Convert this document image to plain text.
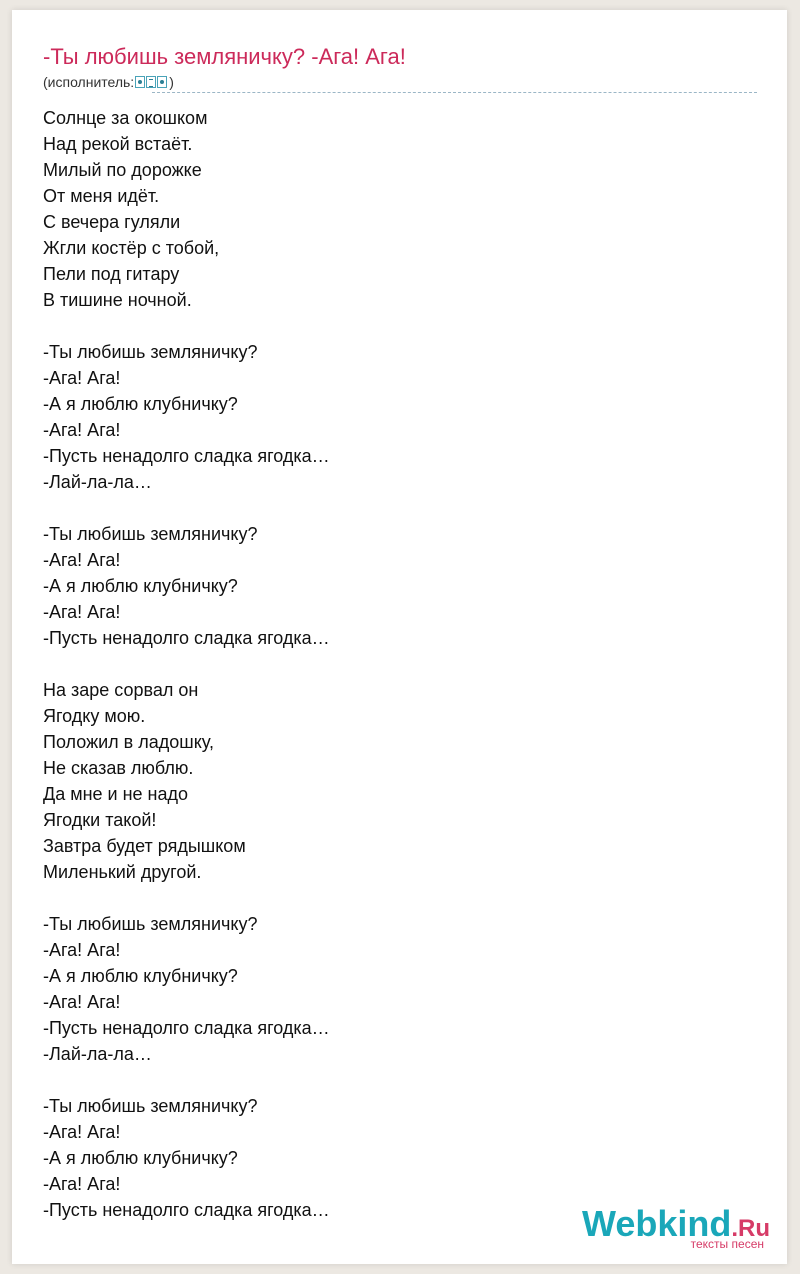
-Ты любишь земляничку? -Ага! Ага!
(исполнитель:	)
Солнце за окошком
Над рекой встаёт.
Милый по дорожке
От меня идёт.
С вечера гуляли
Жгли костёр с тобой,
Пели под гитару
В тишине ночной.
-Ты любишь земляничку?
-Ага! Ага!
-А я люблю клубничку?
-Ага! Ага!
-Пусть ненадолго сладка ягодка…
-Лай-ла-ла…
-Ты любишь земляничку?
-Ага! Ага!
-А я люблю клубничку?
-Ага! Ага!
-Пусть ненадолго сладка ягодка…
На заре сорвал он
Ягодку мою.
Положил в ладошку,
Не сказав люблю.
Да мне и не надо
Ягодки такой!
Завтра будет рядышком
Миленький другой.
-Ты любишь земляничку?
-Ага! Ага!
-А я люблю клубничку?
-Ага! Ага!
-Пусть ненадолго сладка ягодка…
-Лай-ла-ла…
-Ты любишь земляничку?
-Ага! Ага!
-А я люблю клубничку?
-Ага! Ага!
-Пусть ненадолго сладка ягодка…	Webkind.Ru
тексты песен
